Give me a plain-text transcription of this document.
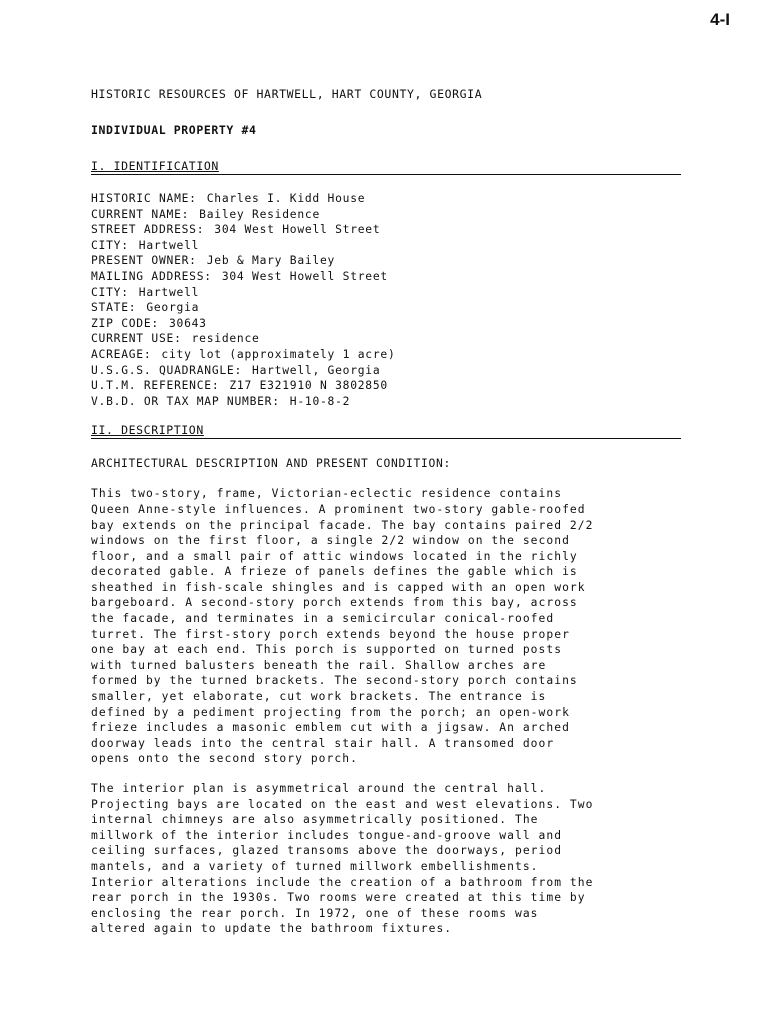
4-I
HISTORIC RESOURCES OF HARTWELL, HART COUNTY, GEORGIA
INDIVIDUAL PROPERTY #4
I. IDENTIFICATION
HISTORIC NAME: Charles I. Kidd House
CURRENT NAME: Bailey Residence
STREET ADDRESS: 304 West Howell Street
CITY: Hartwell
PRESENT OWNER: Jeb & Mary Bailey
MAILING ADDRESS: 304 West Howell Street
CITY: Hartwell
STATE: Georgia
ZIP CODE: 30643
CURRENT USE: residence
ACREAGE: city lot (approximately 1 acre)
U.S.G.S. QUADRANGLE: Hartwell, Georgia
U.T.M. REFERENCE: Z17 E321910 N 3802850
V.B.D. OR TAX MAP NUMBER: H-10-8-2
II. DESCRIPTION
ARCHITECTURAL DESCRIPTION AND PRESENT CONDITION:
This two-story, frame, Victorian-eclectic residence contains
Queen Anne-style influences. A prominent two-story gable-roofed
bay extends on the principal facade. The bay contains paired 2/2
windows on the first floor, a single 2/2 window on the second
floor, and a small pair of attic windows located in the richly
decorated gable. A frieze of panels defines the gable which is
sheathed in fish-scale shingles and is capped with an open work
bargeboard. A second-story porch extends from this bay, across
the facade, and terminates in a semicircular conical-roofed
turret. The first-story porch extends beyond the house proper
one bay at each end. This porch is supported on turned posts
with turned balusters beneath the rail. Shallow arches are
formed by the turned brackets. The second-story porch contains
smaller, yet elaborate, cut work brackets. The entrance is
defined by a pediment projecting from the porch; an open-work
frieze includes a masonic emblem cut with a jigsaw. An arched
doorway leads into the central stair hall. A transomed door
opens onto the second story porch.
The interior plan is asymmetrical around the central hall.
Projecting bays are located on the east and west elevations. Two
internal chimneys are also asymmetrically positioned. The
millwork of the interior includes tongue-and-groove wall and
ceiling surfaces, glazed transoms above the doorways, period
mantels, and a variety of turned millwork embellishments.
Interior alterations include the creation of a bathroom from the
rear porch in the 1930s. Two rooms were created at this time by
enclosing the rear porch. In 1972, one of these rooms was
altered again to update the bathroom fixtures.
